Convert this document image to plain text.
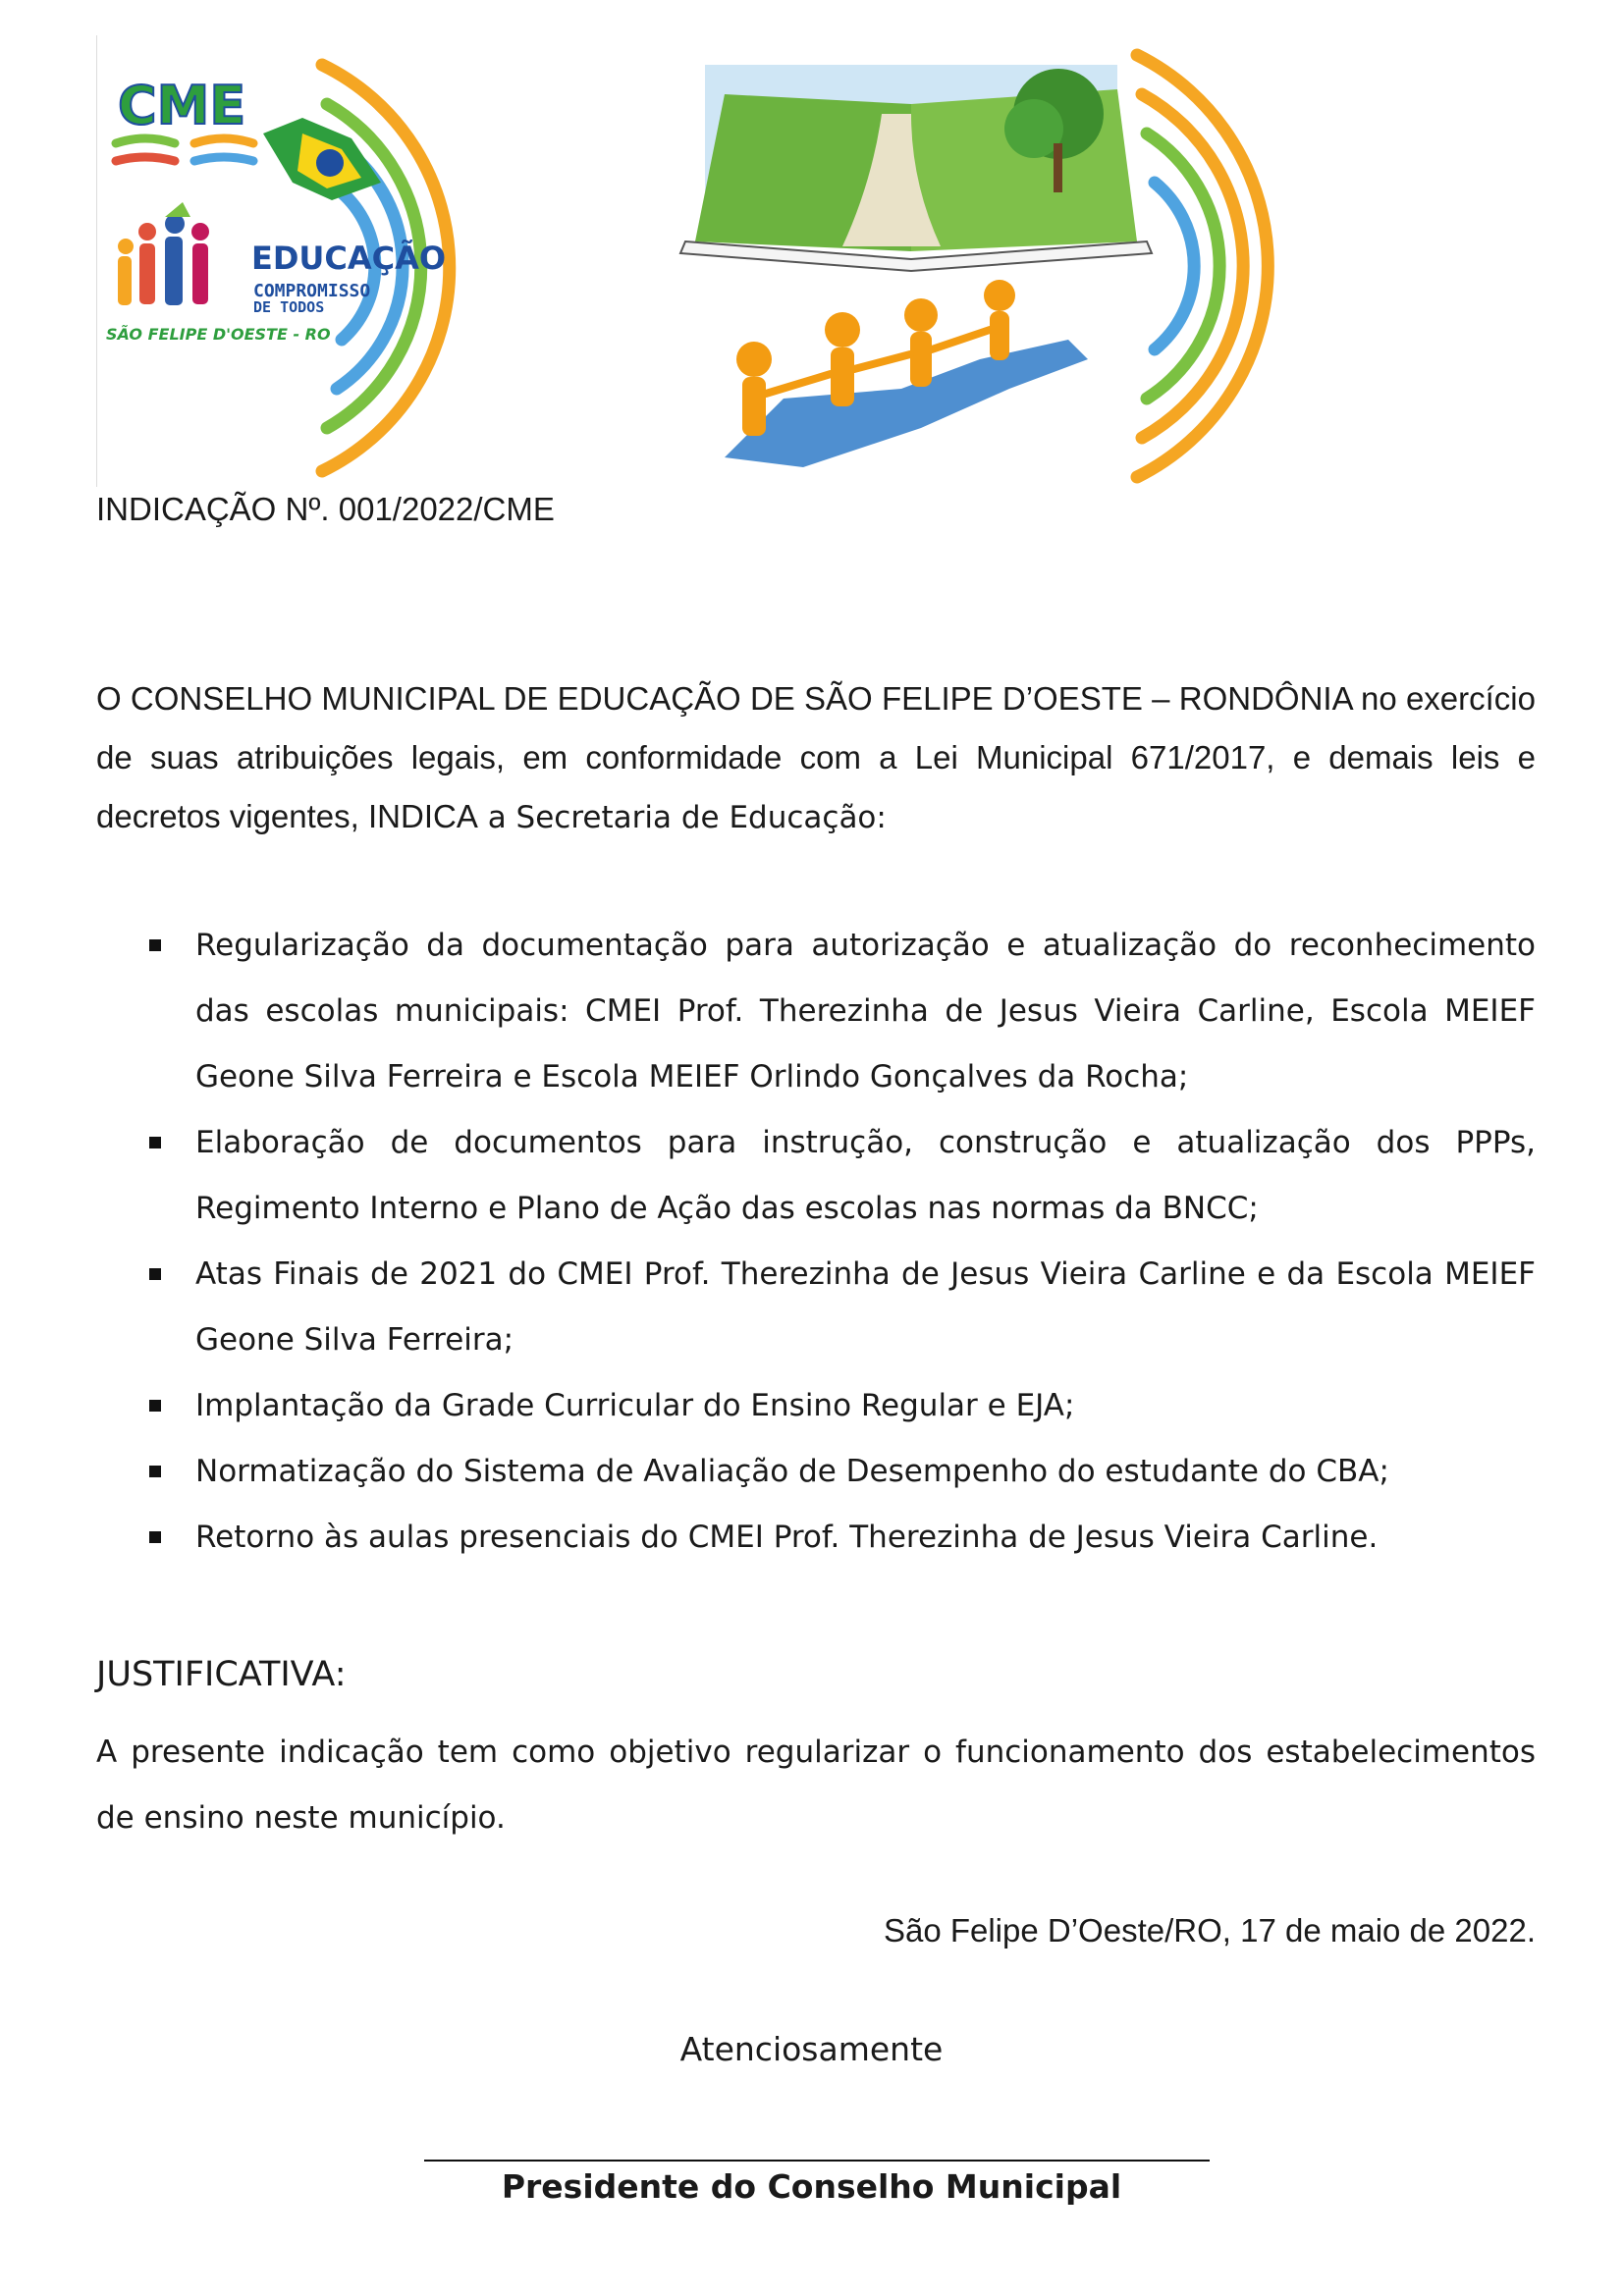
CME
EDUCAÇÃO
COMPROMISSO
DE TODOS
SÃO FELIPE D'OESTE - RO
INDICAÇÃO Nº. 001/2022/CME
O CONSELHO MUNICIPAL DE EDUCAÇÃO DE SÃO FELIPE D’OESTE – RONDÔNIA no exercício de suas atribuições legais, em conformidade com a Lei Municipal 671/2017, e demais leis e decretos vigentes, INDICA a Secretaria de Educação:
Regularização da documentação para autorização e atualização do reconhecimento das escolas municipais: CMEI Prof. Therezinha de Jesus Vieira Carline, Escola MEIEF Geone Silva Ferreira e Escola MEIEF Orlindo Gonçalves da Rocha;
Elaboração de documentos para instrução, construção e atualização dos PPPs, Regimento Interno e Plano de Ação das escolas nas normas da BNCC;
Atas Finais de 2021 do CMEI Prof. Therezinha de Jesus Vieira Carline e da Escola MEIEF Geone Silva Ferreira;
Implantação da Grade Curricular do Ensino Regular e EJA;
Normatização do Sistema de Avaliação de Desempenho do estudante do CBA;
Retorno às aulas presenciais do CMEI Prof. Therezinha de Jesus Vieira Carline.
JUSTIFICATIVA:
A presente indicação tem como objetivo regularizar o funcionamento dos estabelecimentos de ensino neste município.
São Felipe D’Oeste/RO, 17 de maio de 2022.
Atenciosamente
Presidente do Conselho Municipal
